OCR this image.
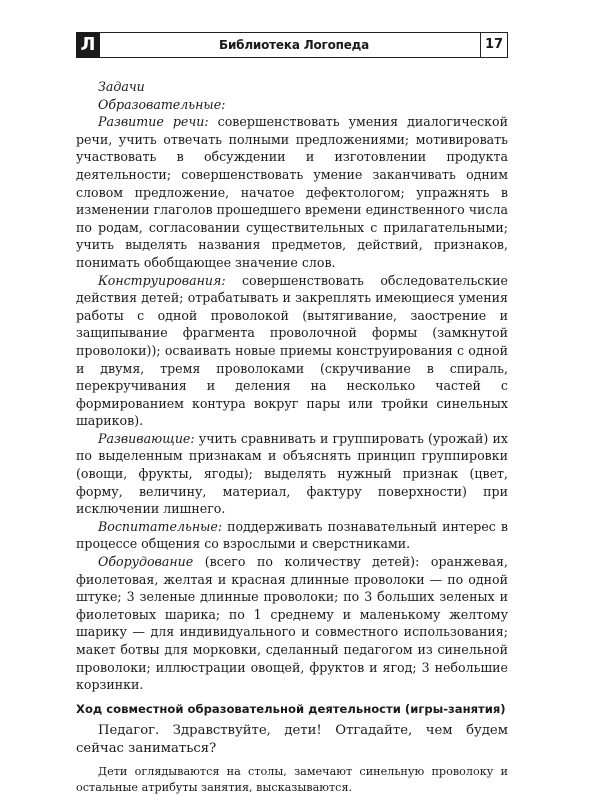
Л	Библиотека Логопеда	17

Задачи

Образовательные:

Развитие речи: совершенствовать умения диалогической речи, учить отвечать полными предложениями; мотивировать участвовать в обсуждении и изготовлении продукта деятельности; совершенствовать умение заканчивать одним словом предложение, начатое дефектологом; упражнять в изменении глаголов прошедшего времени единственного числа по родам, согласовании существительных с прилагательными; учить выделять названия предметов, действий, признаков, понимать обобщающее значение слов.

Конструирования: совершенствовать обследовательские действия детей; отрабатывать и закреплять имеющиеся умения работы с одной проволокой (вытягивание, заострение и защипывание фрагмента проволочной формы (замкнутой проволоки)); осваивать новые приемы конструирования с одной и двумя, тремя проволоками (скручивание в спираль, перекручивания и деления на несколько частей с формированием контура вокруг пары или тройки синельных шариков).

Развивающие: учить сравнивать и группировать (урожай) их по выделенным признакам и объяснять принцип группировки (овощи, фрукты, ягоды); выделять нужный признак (цвет, форму, величину, материал, фактуру поверхности) при исключении лишнего.

Воспитательные: поддерживать познавательный интерес в процессе общения со взрослыми и сверстниками.

Оборудование (всего по количеству детей): оранжевая, фиолетовая, желтая и красная длинные проволоки — по одной штуке; 3 зеленые длинные проволоки; по 3 больших зеленых и фиолетовых шарика; по 1 среднему и маленькому желтому шарику — для индивидуального и совместного использования; макет ботвы для морковки, сделанный педагогом из синельной проволоки; иллюстрации овощей, фруктов и ягод; 3 небольшие корзинки.

Ход совместной образовательной деятельности (игры-занятия)

Педагог. Здравствуйте, дети! Отгадайте, чем будем сейчас заниматься?

Дети оглядываются на столы, замечают синельную проволоку и остальные атрибуты занятия, высказываются.
